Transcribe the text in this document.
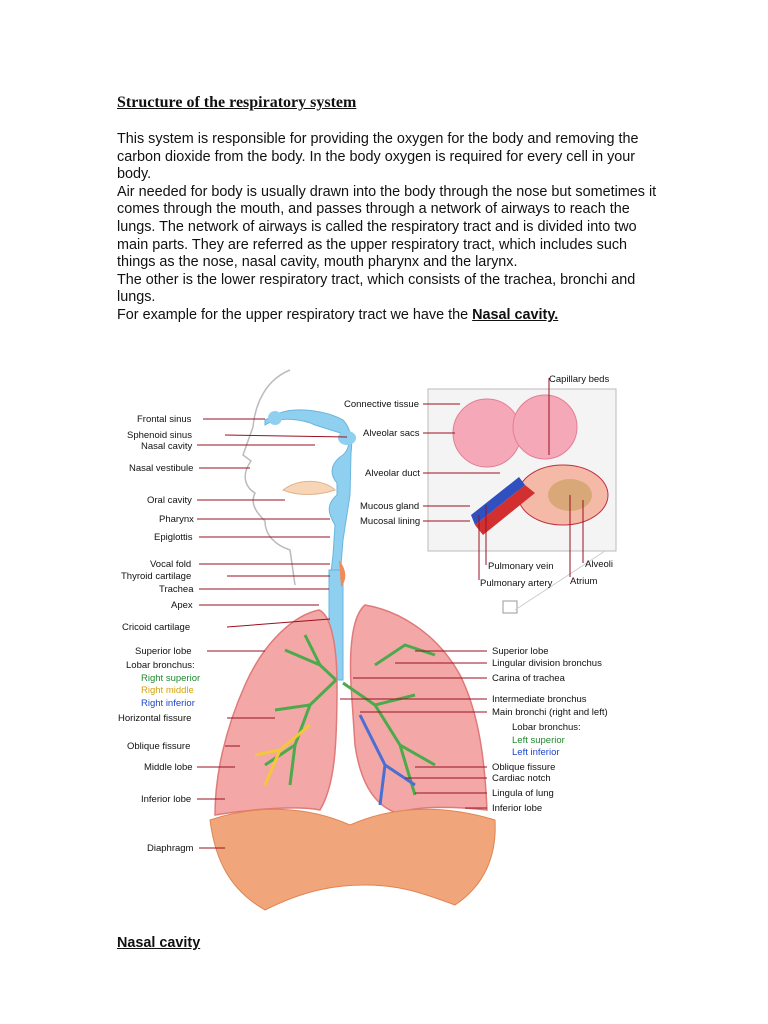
Structure of the respiratory system

This system is responsible for providing the oxygen for the body and removing the carbon dioxide from the body. In the body oxygen is required for every cell in your body.

Air needed for body is usually drawn into the body through the nose but sometimes it comes through the mouth, and passes through a network of airways to reach the lungs. The network of airways is called the respiratory tract and is divided into two main parts. They are referred as the upper respiratory tract, which includes such things as the nose, nasal cavity, mouth pharynx and the larynx.

The other is the lower respiratory tract, which consists of the trachea, bronchi and lungs.

For example for the upper respiratory tract we have the Nasal cavity.

Frontal sinus
Sphenoid sinus
Nasal cavity
Nasal vestibule
Oral cavity
Pharynx
Epiglottis
Vocal fold
Thyroid cartilage
Trachea
Apex
Cricoid cartilage
Superior lobe
Lobar bronchus:
Right superior
Right middle
Right inferior
Horizontal fissure
Oblique fissure
Middle lobe
Inferior lobe
Diaphragm
Capillary beds
Connective tissue
Alveolar sacs
Alveolar duct
Mucous gland
Mucosal lining
Pulmonary vein	Alveoli
Pulmonary artery Atrium
Superior lobe
Lingular division bronchus
Carina of trachea
Intermediate bronchus
Main bronchi (right and left)
Lobar bronchus:
Left superior
Left inferior
Oblique fissure
Cardiac notch
Lingula of lung
Inferior lobe
Nasal cavity
